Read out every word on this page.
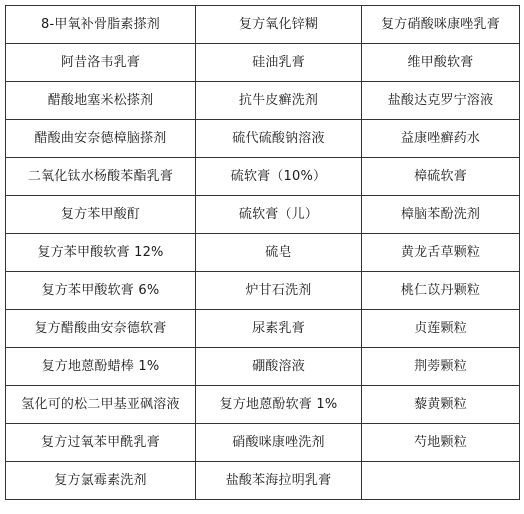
8-甲氧补骨脂素搽剂	复方氧化锌糊	复方硝酸咪康唑乳膏
阿昔洛韦乳膏	硅油乳膏	维甲酸软膏
醋酸地塞米松搽剂	抗牛皮癣洗剂	盐酸达克罗宁溶液
醋酸曲安奈德樟脑搽剂	硫代硫酸钠溶液	益康唑癣药水
二氧化钛水杨酸苯酯乳膏	硫软膏（10%）	樟硫软膏
复方苯甲酸酊	硫软膏（儿）	樟脑苯酚洗剂
复方苯甲酸软膏 12%	硫皂	黄龙舌草颗粒
复方苯甲酸软膏 6%	炉甘石洗剂	桃仁苡丹颗粒
复方醋酸曲安奈德软膏	尿素乳膏	贞莲颗粒
复方地蒽酚蜡棒 1%	硼酸溶液	荆蒡颗粒
氢化可的松二甲基亚砜溶液	复方地蒽酚软膏 1%	藜黄颗粒
复方过氧苯甲酰乳膏	硝酸咪康唑洗剂	芍地颗粒
复方氯霉素洗剂	盐酸苯海拉明乳膏	
